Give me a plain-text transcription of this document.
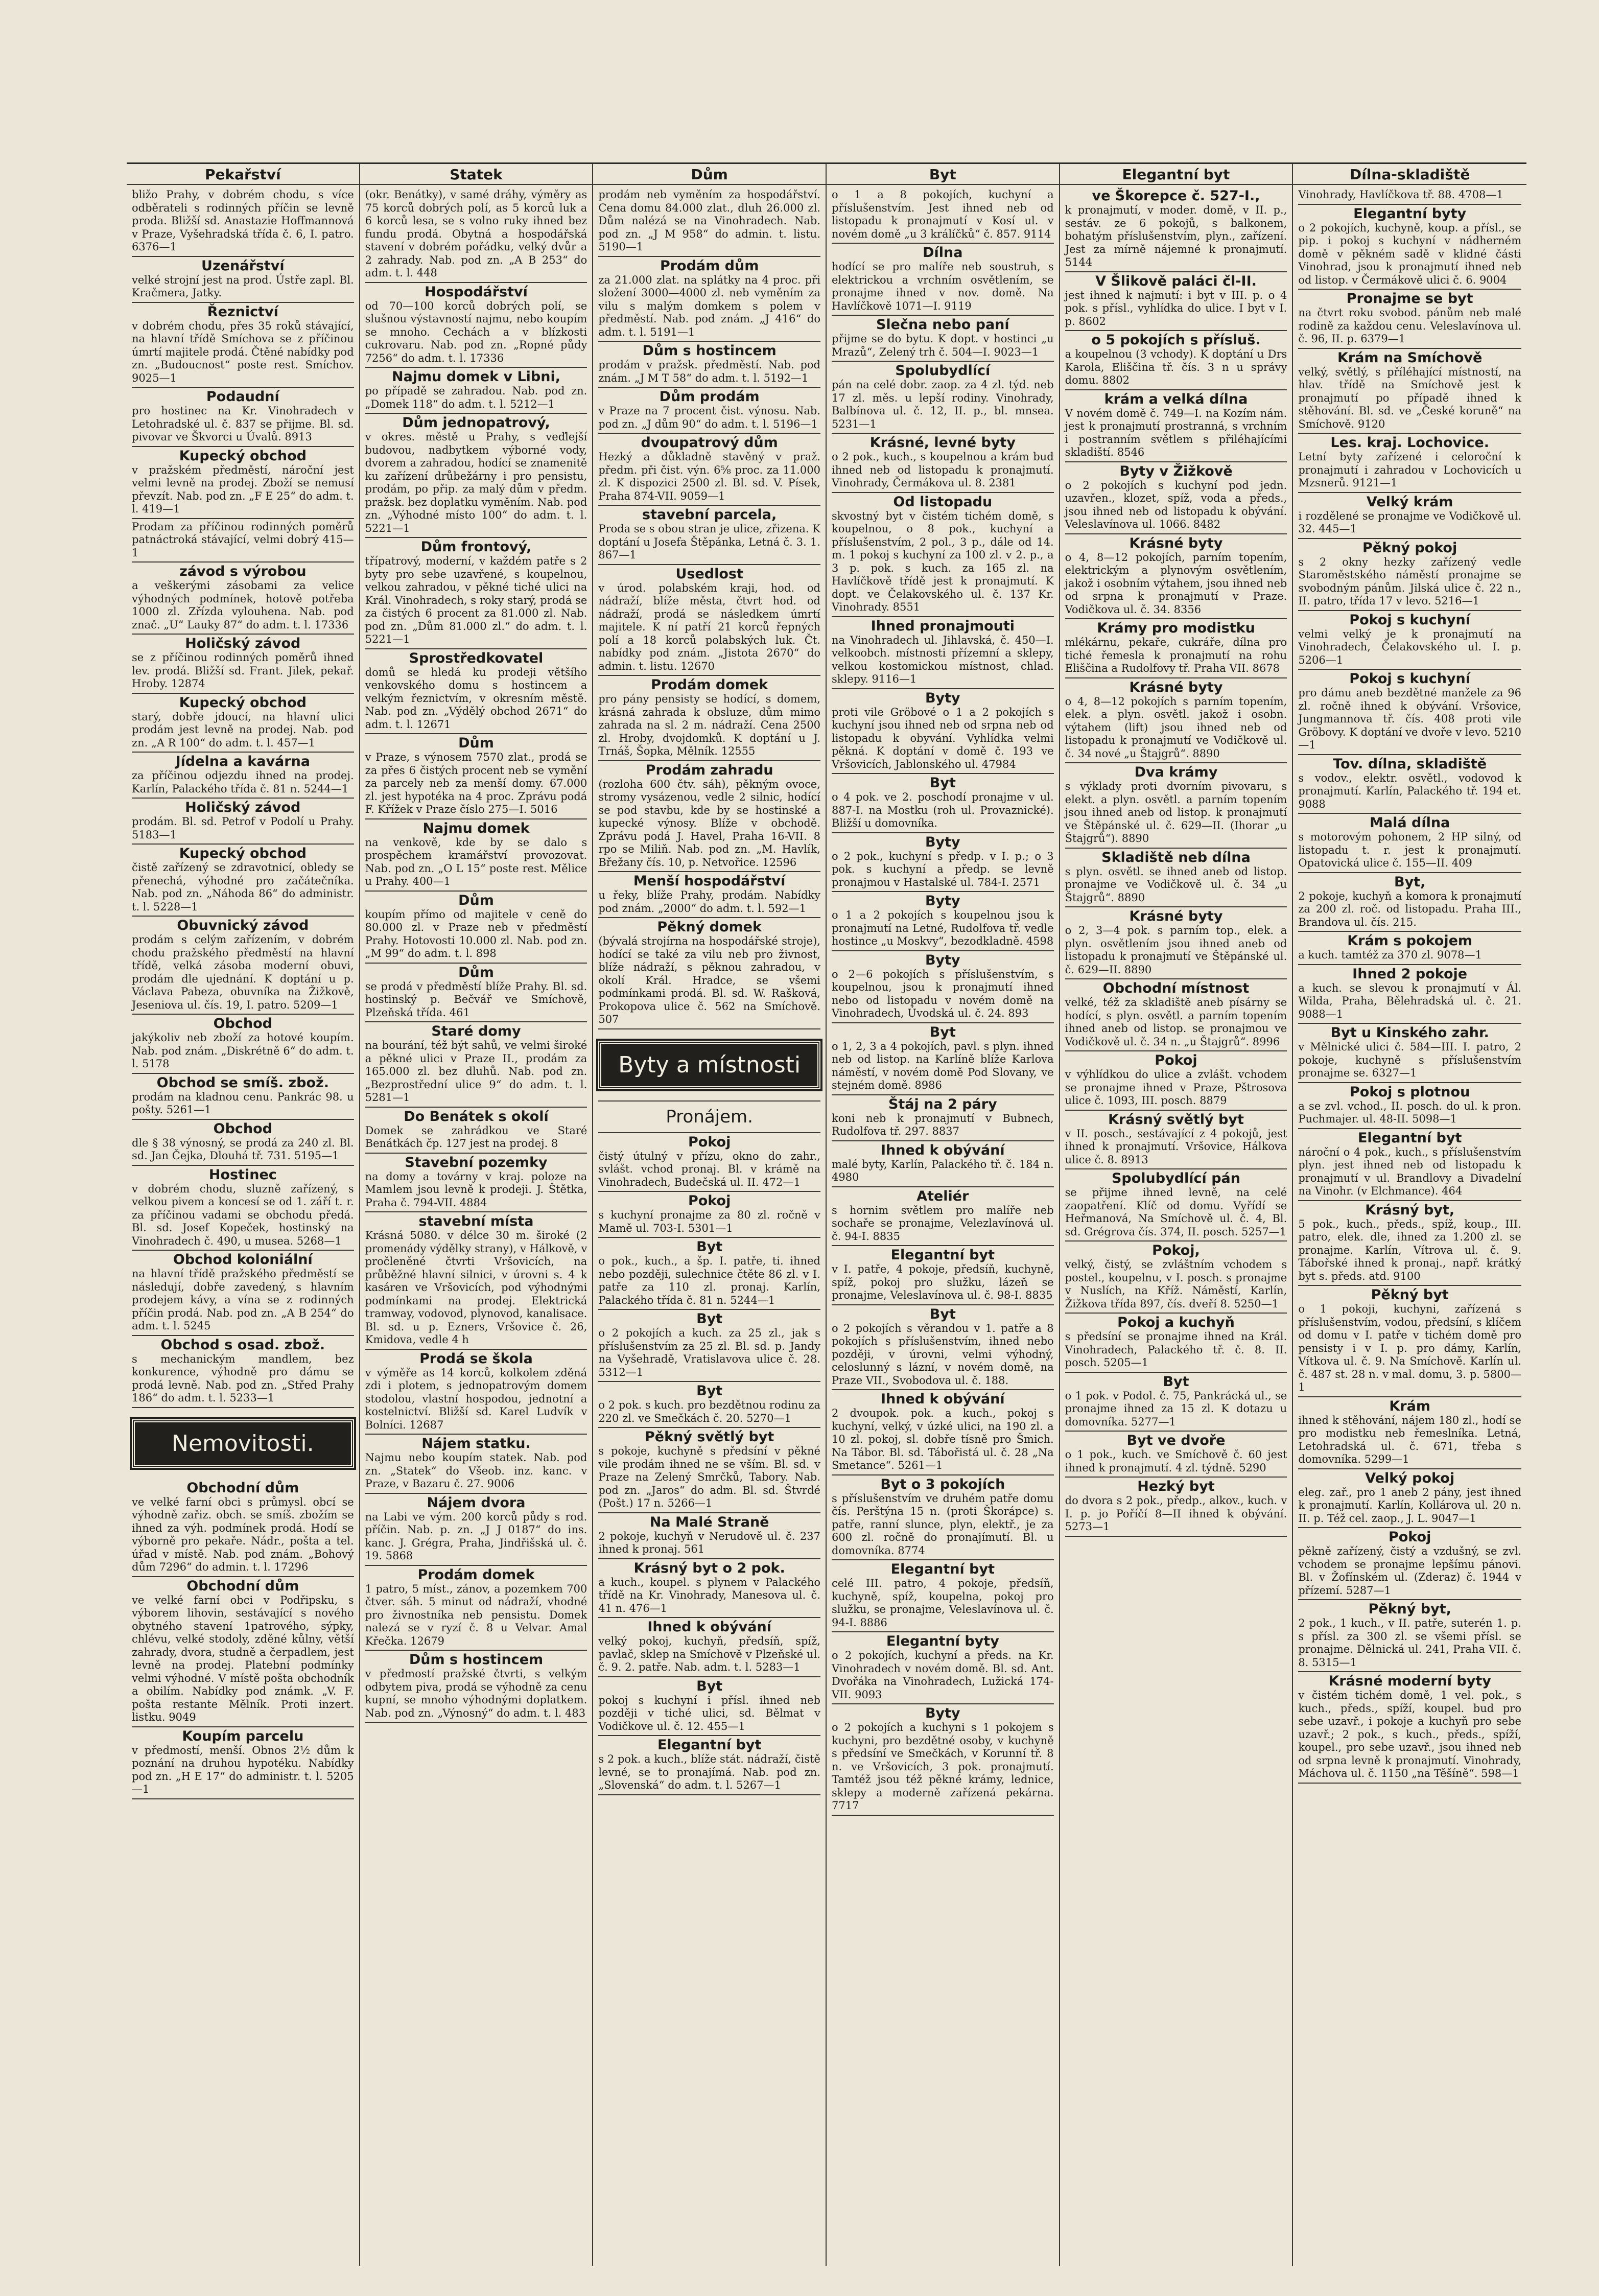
Pekařství

bližo Prahy, v dobrém chodu, s více odběrateli s rodinných příčin se levně proda. Bližší sd. Anastazie Hoffmannová v Praze, Vyšehradská třída č. 6, I. patro. 6376—1

Uzenářství

velké strojní jest na prod. Ústře zapl. Bl. Kračmera, Jatky.

Řeznictví

v dobrém chodu, přes 35 roků stávající, na hlavní třídě Smíchova se z příčinou úmrtí majitele prodá. Čtěné nabídky pod zn. „Budoucnost“ poste rest. Smíchov. 9025—1

Podaudní

pro hostinec na Kr. Vinohradech v Letohradské ul. č. 837 se přijme. Bl. sd. pivovar ve Škvorci u Úvalů. 8913

Kupecký obchod

v pražském předměstí, nároční jest velmi levně na prodej. Zboží se nemusí převzít. Nab. pod zn. „F E 25“ do adm. t. l. 419—1

Prodam za příčinou rodinných poměrů patnáctroká stávající, velmi dobrý 415—1

závod s výrobou

a veškerými zásobami za velice výhodných podmínek, hotově potřeba 1000 zl. Zřízda vylouhena. Nab. pod znač. „U“ Lauky 87“ do adm. t. l. 17336

Holičský závod

se z příčinou rodinných poměrů ihned lev. prodá. Bližší sd. Frant. Jilek, pekař. Hroby. 12874

Kupecký obchod

starý, dobře jdoucí, na hlavní ulici prodám jest levně na prodej. Nab. pod zn. „A R 100“ do adm. t. l. 457—1

Jídelna a kavárna

za příčinou odjezdu ihned na prodej. Karlín, Palackého třída č. 81 n. 5244—1

Holičský závod

prodám. Bl. sd. Petrof v Podolí u Prahy. 5183—1

Kupecký obchod

čistě zařízený se zdravotnicí, obledy se přenechá, výhodné pro začátečníka. Nab. pod zn. „Náhoda 86“ do administr. t. l. 5228—1

Obuvnický závod

prodám s celým zařízením, v dobrém chodu pražského předměstí na hlavní třídě, velká zásoba moderní obuvi, prodám dle ujednání. K doptání u p. Václava Pabeza, obuvníka na Žižkově, Jeseniova ul. čís. 19, I. patro. 5209—1

Obchod

jakýkoliv neb zboží za hotové koupím. Nab. pod znám. „Diskrétně 6“ do adm. t. l. 5178

Obchod se smíš. zbož.

prodám na kladnou cenu. Pankrác 98. u pošty. 5261—1

Obchod

dle § 38 výnosný, se prodá za 240 zl. Bl. sd. Jan Čejka, Dlouhá tř. 731. 5195—1

Hostinec

v dobrém chodu, sluzně zařízený, s velkou pivem a koncesí se od 1. září t. r. za příčinou vadami se obchodu předá. Bl. sd. Josef Kopeček, hostinský na Vinohradech č. 490, u musea. 5268—1

Obchod koloniální

na hlavní třídě pražského předměstí se následují, dobře zavedený, s hlavním prodejem kávy, a vína se z rodinných příčin prodá. Nab. pod zn. „A B 254“ do adm. t. l. 5245

Obchod s osad. zbož.

s mechanickým mandlem, bez konkurence, výhodně pro dámu se prodá levně. Nab. pod zn. „Střed Prahy 186“ do adm. t. l. 5233—1

Nemovitosti.
Obchodní dům

ve velké farní obci s průmysl. obcí se výhodně zařiz. obch. se smíš. zbožím se ihned za výh. podmínek prodá. Hodí se výborně pro pekaře. Nádr., pošta a tel. úřad v místě. Nab. pod znám. „Bohový dům 7296“ do admin. t. l. 17296

Obchodní dům

ve velké farní obci v Podřipsku, s výborem lihovin, sestávající s nového obytného stavení 1patrového, sýpky, chlévu, velké stodoly, zděné kůlny, větší zahrady, dvora, studně a čerpadlem, jest levně na prodej. Platební podmínky velmi výhodné. V místě pošta obchodník a obilím. Nabídky pod známk. „V. F. pošta restante Mělník. Proti inzert. listku. 9049

Koupím parcelu

v předmostí, menší. Obnos 2½ dům k poznání na druhou hypotéku. Nabídky pod zn. „H E 17“ do administr. t. l. 5205—1

Statek

(okr. Benátky), v samé dráhy, výměry as 75 korců dobrých polí, as 5 korců luk a 6 korců lesa, se s volno ruky ihned bez fundu prodá. Obytná a hospodářská stavení v dobrém pořádku, velký dvůr a 2 zahrady. Nab. pod zn. „A B 253“ do adm. t. l. 448

Hospodářství

od 70—100 korců dobrých polí, se slušnou výstavností najmu, nebo koupím se mnoho. Cechách a v blízkosti cukrovaru. Nab. pod zn. „Ropné půdy 7256“ do adm. t. l. 17336

Najmu domek v Libni,

po případě se zahradou. Nab. pod zn. „Domek 118“ do adm. t. l. 5212—1

Dům jednopatrový,

v okres. městě u Prahy, s veďlejší budovou, nadbytkem výborné vody, dvorem a zahradou, hodící se znamenitě ku zařízení drůbežárny i pro pensistu, prodám, po přip. za malý dům v předm. pražsk. bez doplatku vyměním. Nab. pod zn. „Výhodné místo 100“ do adm. t. l. 5221—1

Dům frontový,

třípatrový, moderní, v každém patře s 2 byty pro sebe uzavřené, s koupelnou, velkou zahradou, v pěkné tiché ulici na Král. Vinohradech, s roky starý, prodá se za čistých 6 procent za 81.000 zl. Nab. pod zn. „Dům 81.000 zl.“ do adm. t. l. 5221—1

Sprostředkovatel

domů se hledá ku prodeji většího venkovského domu s hostincem a velkým řeznictvím, v okresním městě. Nab. pod zn. „Výdělý obchod 2671“ do adm. t. l. 12671

Dům

v Praze, s výnosem 7570 zlat., prodá se za přes 6 čistých procent neb se vymění za parcely neb za menší domy. 67.000 zl. jest hypotéka na 4 proc. Zprávu podá F. Křížek v Praze číslo 275—I. 5016

Najmu domek

na venkově, kde by se dalo s prospěchem kramářství provozovat. Nab. pod zn. „O L 15“ poste rest. Mělice u Prahy. 400—1

Dům

koupím přímo od majitele v ceně do 80.000 zl. v Praze neb v předměstí Prahy. Hotovosti 10.000 zl. Nab. pod zn. „M 99“ do adm. t. l. 898

Dům

se prodá v předměstí blíže Prahy. Bl. sd. hostinský p. Bečvář ve Smíchově, Plzeňská třída. 461

Staré domy

na bourání, též být sahů, ve velmi široké a pěkné ulici v Praze II., prodám za 165.000 zl. bez dluhů. Nab. pod zn. „Bezprostřední ulice 9“ do adm. t. l. 5281—1

Do Benátek s okolí

Domek se zahrádkou ve Staré Benátkách čp. 127 jest na prodej. 8

Stavební pozemky

na domy a továrny v kraj. poloze na Mamlem jsou levně k prodeji. J. Štětka, Praha č. 794-VII. 4884

stavební místa

Krásná 5080. v délce 30 m. široké (2 promenády výdělky strany), v Hálkově, v pročleněné čtvrti Vršovicích, na průběžné hlavní silnici, v úrovni s. 4 k kasáren ve Vršovicích, pod výhodnými podmínkami na prodej. Elektrická tramway, vodovod, plynovod, kanalisace. Bl. sd. u p. Ezners, Vršovice č. 26, Kmidova, vedle 4 h

Prodá se škola

v výměře as 14 korců, kolkolem zděná zdi i plotem, s jednopatrovým domem stodolou, vlastní hospodou, jednotní a kostelnictví. Bližší sd. Karel Ludvík v Bolníci. 12687

Nájem statku.

Najmu nebo koupím statek. Nab. pod zn. „Statek“ do Všeob. inz. kanc. v Praze, v Bazaru č. 27. 9006

Nájem dvora

na Labi ve vým. 200 korců půdy s rod. příčin. Nab. p. zn. „J J 0187“ do ins. kanc. J. Grégra, Praha, Jindřišská ul. č. 19. 5868

Prodám domek

1 patro, 5 míst., zánov, a pozemkem 700 čtver. sáh. 5 minut od nádraží, vhodné pro živnostníka neb pensistu. Domek nalezá se v ryzí č. 8 u Velvar. Amal Křečka. 12679

Dům s hostincem

v předmostí pražské čtvrti, s velkým odbytem piva, prodá se výhodně za cenu kupní, se mnoho výhodnými doplatkem. Nab. pod zn. „Výnosný“ do adm. t. l. 483

Dům

prodám neb vyměním za hospodářství. Cena domu 84.000 zlat., dluh 26.000 zl. Dům nalézá se na Vinohradech. Nab. pod zn. „J M 958“ do admin. t. listu. 5190—1

Prodám dům

za 21.000 zlat. na splátky na 4 proc. při složení 3000—4000 zl. neb vyměním za vilu s malým domkem s polem v předměstí. Nab. pod znám. „J 416“ do adm. t. l. 5191—1

Dům s hostincem

prodám v pražsk. předměstí. Nab. pod znám. „J M T 58“ do adm. t. l. 5192—1

Dům prodám

v Praze na 7 procent čist. výnosu. Nab. pod zn. „J dům 90“ do adm. t. l. 5196—1

dvoupatrový dům

Hezký a důkladně stavěný v praž. předm. při čist. výn. 6⅝ proc. za 11.000 zl. K dispozici 2500 zl. Bl. sd. V. Písek, Praha 874-VII. 9059—1

stavební parcela,

Proda se s obou stran je ulice, zřizena. K doptání u Josefa Štěpánka, Letná č. 3. 1. 867—1

Usedlost

v úrod. polabském kraji, hod. od nádraží, blíže města, čtvrt hod. od nádraží, prodá se následkem úmrtí majitele. K ní patří 21 korců řepných polí a 18 korců polabských luk. Čt. nabídky pod znám. „Jistota 2670“ do admin. t. listu. 12670

Prodám domek

pro pány pensisty se hodící, s domem, krásná zahrada k obsluze, dům mimo zahrada na sl. 2 m. nádraží. Cena 2500 zl. Hroby, dvojdomků. K doptání u J. Trnáš, Šopka, Mělník. 12555

Prodám zahradu

(rozloha 600 čtv. sáh), pěkným ovoce, stromy vysázenou, vedle 2 silnic, hodící se pod stavbu, kde by se hostinské a kupecké výnosy. Blíže v obchodě. Zprávu podá J. Havel, Praha 16-VII. 8 rpo se Miliň. Nab. pod zn. „M. Havlík, Břežany čís. 10, p. Netvořice. 12596

Menší hospodářství

u řeky, blíže Prahy, prodám. Nabídky pod znám. „2000“ do adm. t. l. 592—1

Pěkný domek

(bývalá strojírna na hospodářské stroje), hodící se také za vilu neb pro živnost, blíže nádraží, s pěknou zahradou, v okolí Král. Hradce, se všemi podmínkami prodá. Bl. sd. W. Rašková, Prokopova ulice č. 562 na Smíchově. 507

Byty a místnosti
Pronájem.
Pokoj

čistý útulný v přízu, okno do zahr., svlášt. vchod pronaj. Bl. v krámě na Vinohradech, Budečská ul. II. 472—1

Pokoj

s kuchyní pronajme za 80 zl. ročně v Mamě ul. 703-I. 5301—1

Byt

o pok., kuch., a šp. I. patře, ti. ihned nebo později, sulechnice čtěte 86 zl. v I. patře za 110 zl. pronaj. Karlín, Palackého třída č. 81 n. 5244—1

Byt

o 2 pokojích a kuch. za 25 zl., jak s příslušenstvím za 25 zl. Bl. sd. p. Jandy na Vyšehradě, Vratislavova ulice č. 28. 5312—1

Byt

o 2 pok. s kuch. pro bezdětnou rodinu za 220 zl. ve Smečkách č. 20. 5270—1

Pěkný světlý byt

s pokoje, kuchyně s předsíní v pěkné vile prodám ihned ne se vším. Bl. sd. v Praze na Zelený Smrčků, Tabory. Nab. pod zn. „Jaros“ do adm. Bl. sd. Štvrdé (Pošt.) 17 n. 5266—1

Na Malé Straně

2 pokoje, kuchyň v Nerudově ul. č. 237 ihned k pronaj. 561

Krásný byt o 2 pok.

a kuch., koupel. s plynem v Palackého třídě na Kr. Vinohrady, Manesova ul. č. 41 n. 476—1

Ihned k obývání

velký pokoj, kuchyň, předsíň, spíž, pavlač, sklep na Smíchově v Plzeňské ul. č. 9. 2. patře. Nab. adm. t. l. 5283—1

Byt

pokoj s kuchyní i přísl. ihned neb později v tiché ulici, sd. Bělmat v Vodičkove ul. č. 12. 455—1

Elegantní byt

s 2 pok. a kuch., blíže stát. nádraží, čistě levné, se to pronajímá. Nab. pod zn. „Slovenská“ do adm. t. l. 5267—1

Byt

o 1 a 8 pokojích, kuchyní a příslušenstvím. Jest ihned neb od listopadu k pronajmutí v Kosí ul. v novém domě „u 3 králíčků“ č. 857. 9114

Dílna

hodící se pro malíře neb soustruh, s elektrickou a vrchním osvětlením, se pronajme ihned v nov. domě. Na Havlíčkově 1071—I. 9119

Slečna nebo paní

přijme se do bytu. K dopt. v hostinci „u Mrazů“, Zelený trh č. 504—I. 9023—1

Spolubydlící

pán na celé dobr. zaop. za 4 zl. týd. neb 17 zl. měs. u lepší rodiny. Vinohrady, Balbínova ul. č. 12, II. p., bl. mnsea. 5231—1

Krásné, levné byty

o 2 pok., kuch., s koupelnou a krám bud ihned neb od listopadu k pronajmutí. Vinohrady, Čermákova ul. 8. 2381

Od listopadu

skvostný byt v čistém tichém domě, s koupelnou, o 8 pok., kuchyní a příslušenstvím, 2 pol., 3 p., dále od 14. m. 1 pokoj s kuchyní za 100 zl. v 2. p., a 3 p. pok. s kuch. za 165 zl. na Havlíčkově třídě jest k pronajmutí. K dopt. ve Čelakovského ul. č. 137 Kr. Vinohrady. 8551

Ihned pronajmouti

na Vinohradech ul. Jihlavská, č. 450—I. velkoobch. místnosti přízemní a sklepy, velkou kostomickou místnost, chlad. sklepy. 9116—1

Byty

proti vile Gröbové o 1 a 2 pokojích s kuchyní jsou ihned neb od srpna neb od listopadu k obyvání. Vyhlídka velmi pěkná. K doptání v domě č. 193 ve Vršovicích, Jablonského ul. 47984

Byt

o 4 pok. ve 2. poschodí pronajme v ul. 887-I. na Mostku (roh ul. Provaznické). Bližší u domovníka.

Byty

o 2 pok., kuchyní s předp. v I. p.; o 3 pok. s kuchyní a předp. se levně pronajmou v Hastalské ul. 784-I. 2571

Byty

o 1 a 2 pokojích s koupelnou jsou k pronajmutí na Letné, Rudolfova tř. vedle hostince „u Moskvy“, bezodkladně. 4598

Byty

o 2—6 pokojích s příslušenstvím, s koupelnou, jsou k pronajmutí ihned nebo od listopadu v novém domě na Vinohradech, Úvodská ul. č. 24. 893

Byt

o 1, 2, 3 a 4 pokojích, pavl. s plyn. ihned neb od listop. na Karlíně blíže Karlova náměstí, v novém domě Pod Slovany, ve stejném domě. 8986

Štáj na 2 páry

koni neb k pronajmutí v Bubnech, Rudolfova tř. 297. 8837

Ihned k obývání

malé byty, Karlín, Palackého tř. č. 184 n. 4980

Ateliér

s hornim světlem pro malíře neb sochaře se pronajme, Velezlavínová ul. č. 94-I. 8835

Elegantní byt

v I. patře, 4 pokoje, předsíň, kuchyně, spíž, pokoj pro služku, lázeň se pronajme, Veleslavínova ul. č. 98-I. 8835

Byt

o 2 pokojích s věrandou v 1. patře a 8 pokojích s příslušenstvím, ihned nebo později, v úrovni, velmi výhodný, celoslunný s lázní, v novém domě, na Praze VII., Svobodova ul. č. 188.

Ihned k obývání

2 dvoupok. pok. a kuch., pokoj s kuchyní, velký, v úzké ulici, na 190 zl. a 10 zl. pokoj, sl. dobře tísně pro Šmich. Na Tábor. Bl. sd. Tábořistá ul. č. 28 „Na Smetance“. 5261—1

Byt o 3 pokojích

s příslušenstvím ve druhém patře domu čís. Perštýna 15 n. (proti Škorápce) s. patře, ranní slunce, plyn, elektř., je za 600 zl. ročně do pronajímutí. Bl. u domovníka. 8774

Elegantní byt

celé III. patro, 4 pokoje, předsíň, kuchyně, spíž, koupelna, pokoj pro služku, se pronajme, Veleslavínova ul. č. 94-I. 8886

Elegantní byty

o 2 pokojích, kuchyní a předs. na Kr. Vinohradech v novém domě. Bl. sd. Ant. Dvořáka na Vinohradech, Lužická 174-VII. 9093

Byty

o 2 pokojích a kuchyni s 1 pokojem s kuchyni, pro bezdětné osoby, v kuchyně s předsíní ve Smečkách, v Korunní tř. 8 n. ve Vršovicích, 3 pok. pronajmutí. Tamtéž jsou též pěkné krámy, lednice, sklepy a moderně zařízená pekárna. 7717

Elegantní byt
ve Škorepce č. 527-I.,

k pronajmutí, v moder. domě, v II. p., sestáv. ze 6 pokojů, s balkonem, bohatým příslušenstvím, plyn., zařízení. Jest za mírně nájemné k pronajmutí. 5144

V Šlikově paláci čl-II.

jest ihned k najmutí: i byt v III. p. o 4 pok. s přísl., vyhlídka do ulice. I byt v I. p. 8602

o 5 pokojích s přísluš.

a koupelnou (3 vchody). K doptání u Drs Karola, Eliščina tř. čís. 3 n u správy domu. 8802

krám a velká dílna

V novém domě č. 749—I. na Kozím nám. jest k pronajmutí prostranná, s vrchním i postranním světlem s přiléhajícími skladiští. 8546

Byty v Žižkově

o 2 pokojích s kuchyní pod jedn. uzavřen., klozet, spíž, voda a předs., jsou ihned neb od listopadu k obývání. Veleslavínova ul. 1066. 8482

Krásné byty

o 4, 8—12 pokojích, parním topením, elektrickým a plynovým osvětlením, jakož i osobním výtahem, jsou ihned neb od srpna k pronajmutí v Praze. Vodičkova ul. č. 34. 8356

Krámy pro modistku

mlékárnu, pekaře, cukráře, dílna pro tiché řemesla k pronajmutí na rohu Eliščina a Rudolfovy tř. Praha VII. 8678

Krásné byty

o 4, 8—12 pokojích s parním topením, elek. a plyn. osvětl. jakož i osobn. výtahem (lift) jsou ihned neb od listopadu k pronajmutí ve Vodičkově ul. č. 34 nové „u Štajgrů“. 8890

Dva krámy

s výklady proti dvorním pivovaru, s elekt. a plyn. osvětl. a parním topením jsou ihned aneb od listop. k pronajmutí ve Štěpánské ul. č. 629—II. (Ihorar „u Štajgrů“). 8890

Skladiště neb dílna

s plyn. osvětl. se ihned aneb od listop. pronajme ve Vodičkově ul. č. 34 „u Štajgrů“. 8890

Krásné byty

o 2, 3—4 pok. s parním top., elek. a plyn. osvětlením jsou ihned aneb od listopadu k pronajmutí ve Štěpánské ul. č. 629—II. 8890

Obchodní místnost

velké, též za skladiště aneb písárny se hodící, s plyn. osvětl. a parním topením ihned aneb od listop. se pronajmou ve Vodičkově ul. č. 34 n. „u Štajgrů“. 8996

Pokoj

v výhlídkou do ulice a zvlášt. vchodem se pronajme ihned v Praze, Pštrosova ulice č. 1093, III. posch. 8879

Krásný světlý byt

v II. posch., sestávající z 4 pokojů, jest ihned k pronajmutí. Vršovice, Hálkova ulice č. 8. 8913

Spolubydlící pán

se přijme ihned levně, na celé zaopatření. Klíč od domu. Vyřídí se Heřmanová, Na Smíchově ul. č. 4, Bl. sd. Grégrova čís. 374, II. posch. 5257—1

Pokoj,

velký, čistý, se zvláštním vchodem s postel., koupelnu, v I. posch. s pronajme v Nuslích, na Kříž. Náměstí, Karlín, Žižkova třída 897, čís. dveří 8. 5250—1

Pokoj a kuchyň

s předsíní se pronajme ihned na Král. Vinohradech, Palackého tř. č. 8. II. posch. 5205—1

Byt

o 1 pok. v Podol. č. 75, Pankrácká ul., se pronajme ihned za 15 zl. K dotazu u domovníka. 5277—1

Byt ve dvoře

o 1 pok., kuch. ve Smíchově č. 60 jest ihned k pronajmutí. 4 zl. týdně. 5290

Hezký byt

do dvora s 2 pok., předp., alkov., kuch. v I. p. jo Poříčí 8—II ihned k obývání. 5273—1

Dílna-skladiště

Vinohrady, Havlíčkova tř. 88. 4708—1

Elegantní byty

o 2 pokojích, kuchyně, koup. a přísl., se pip. i pokoj s kuchyní v nádherném domě v pěkném sadě v klidné části Vinohrad, jsou k pronajmutí ihned neb od listop. v Čermákově ulici č. 6. 9004

Pronajme se byt

na čtvrt roku svobod. pánům neb malé rodině za každou cenu. Veleslavínova ul. č. 96, II. p. 6379—1

Krám na Smíchově

velký, světlý, s příléhající místností, na hlav. třídě na Smíchově jest k pronajmutí po případě ihned k stěhování. Bl. sd. ve „České koruně“ na Smíchově. 9120

Les. kraj. Lochovice.

Letní byty zařízené i celoroční k pronajmutí i zahradou v Lochovicích u Mzsnerů. 9121—1

Velký krám

i rozdělené se pronajme ve Vodičkově ul. 32. 445—1

Pěkný pokoj

s 2 okny hezky zařízený vedle Staroměstského náměstí pronajme se svobodným pánům. Jilská ulice č. 22 n., II. patro, třída 17 v levo. 5216—1

Pokoj s kuchyní

velmi velký je k pronajmutí na Vinohradech, Čelakovského ul. I. p. 5206—1

Pokoj s kuchyní

pro dámu aneb bezdětné manžele za 96 zl. ročně ihned k obývání. Vršovice, Jungmannova tř. čís. 408 proti vile Gröbovy. K doptání ve dvoře v levo. 5210—1

Tov. dílna, skladiště

s vodov., elektr. osvětl., vodovod k pronajmutí. Karlín, Palackého tř. 194 et. 9088

Malá dílna

s motorovým pohonem, 2 HP silný, od listopadu t. r. jest k pronajmutí. Opatovická ulice č. 155—II. 409

Byt,

2 pokoje, kuchyň a komora k pronajmutí za 200 zl. roč. od listopadu. Praha III., Brandova ul. čís. 215.

Krám s pokojem

a kuch. tamtéž za 370 zl. 9078—1

Ihned 2 pokoje

a kuch. se slevou k pronajmutí v Ál. Wilda, Praha, Bělehradská ul. č. 21. 9088—1

Byt u Kinského zahr.

v Mělnické ulici č. 584—III. I. patro, 2 pokoje, kuchyně s příslušenstvím pronajme se. 6327—1

Pokoj s plotnou

a se zvl. vchod., II. posch. do ul. k pron. Puchmajer. ul. 48-II. 5098—1

Elegantní byt

nároční o 4 pok., kuch., s příslušenstvím plyn. jest ihned neb od listopadu k pronajmutí v ul. Brandlovy a Divadelní na Vinohr. (v Elchmance). 464

Krásný byt,

5 pok., kuch., předs., spíž, koup., III. patro, elek. dle, ihned za 1.200 zl. se pronajme. Karlín, Vítrova ul. č. 9. Tábořské ihned k pronaj., např. krátký byt s. předs. atd. 9100

Pěkný byt

o 1 pokoji, kuchyni, zařízená s příslušenstvím, vodou, předsíní, s klíčem od domu v I. patře v tichém domě pro pensisty i v I. p. pro dámy, Karlín, Vítkova ul. č. 9. Na Smíchově. Karlín ul. č. 487 st. 28 n. v mal. domu, 3. p. 5800—1

Krám

ihned k stěhování, nájem 180 zl., hodí se pro modistku neb řemeslníka. Letná, Letohradská ul. č. 671, třeba s domovníka. 5299—1

Velký pokoj

eleg. zař., pro 1 aneb 2 pány, jest ihned k pronajmutí. Karlín, Kollárova ul. 20 n. II. p. Též cel. zaop., J. L. 9047—1

Pokoj

pěkně zařízený, čistý a vzdušný, se zvl. vchodem se pronajme lepšímu pánovi. Bl. v Žofínském ul. (Zderaz) č. 1944 v přízemí. 5287—1

Pěkný byt,

2 pok., 1 kuch., v II. patře, suterén 1. p. s přísl. za 300 zl. se všemi přísl. se pronajme. Dělnická ul. 241, Praha VII. č. 8. 5315—1

Krásné moderní byty

v čistém tichém domě, 1 vel. pok., s kuch., předs., spíží, koupel. bud pro sebe uzavř., i pokoje a kuchyň pro sebe uzavř.; 2 pok., s kuch., předs., spíží, koupel., pro sebe uzavř., jsou ihned neb od srpna levně k pronajmutí. Vinohrady, Máchova ul. č. 1150 „na Těšíně“. 598—1
